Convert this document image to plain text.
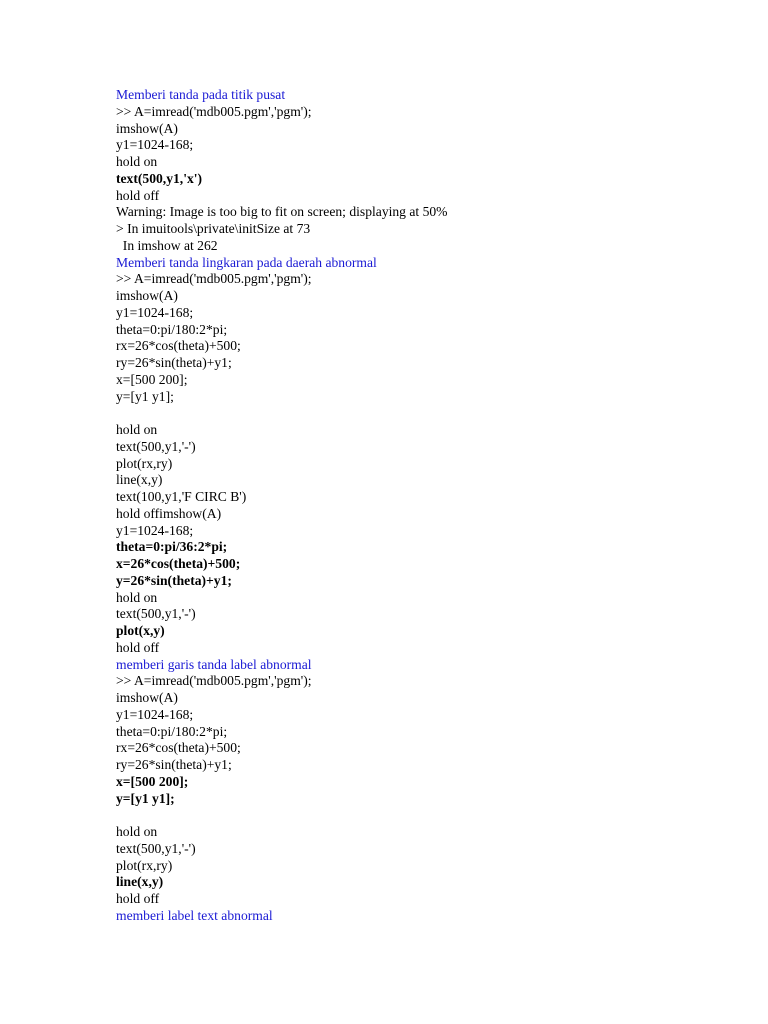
Memberi tanda pada titik pusat
>> A=imread('mdb005.pgm','pgm');
imshow(A)
y1=1024-168;
hold on
text(500,y1,'x')
hold off
Warning: Image is too big to fit on screen; displaying at 50%
> In imuitools\private\initSize at 73
In imshow at 262
Memberi tanda lingkaran pada daerah abnormal
>> A=imread('mdb005.pgm','pgm');
imshow(A)
y1=1024-168;
theta=0:pi/180:2*pi;
rx=26*cos(theta)+500;
ry=26*sin(theta)+y1;
x=[500 200];
y=[y1 y1];
hold on
text(500,y1,'-')
plot(rx,ry)
line(x,y)
text(100,y1,'F CIRC B')
hold offimshow(A)
y1=1024-168;
theta=0:pi/36:2*pi;
x=26*cos(theta)+500;
y=26*sin(theta)+y1;
hold on
text(500,y1,'-')
plot(x,y)
hold off
memberi garis tanda label abnormal
>> A=imread('mdb005.pgm','pgm');
imshow(A)
y1=1024-168;
theta=0:pi/180:2*pi;
rx=26*cos(theta)+500;
ry=26*sin(theta)+y1;
x=[500 200];
y=[y1 y1];
hold on
text(500,y1,'-')
plot(rx,ry)
line(x,y)
hold off
memberi label text abnormal
